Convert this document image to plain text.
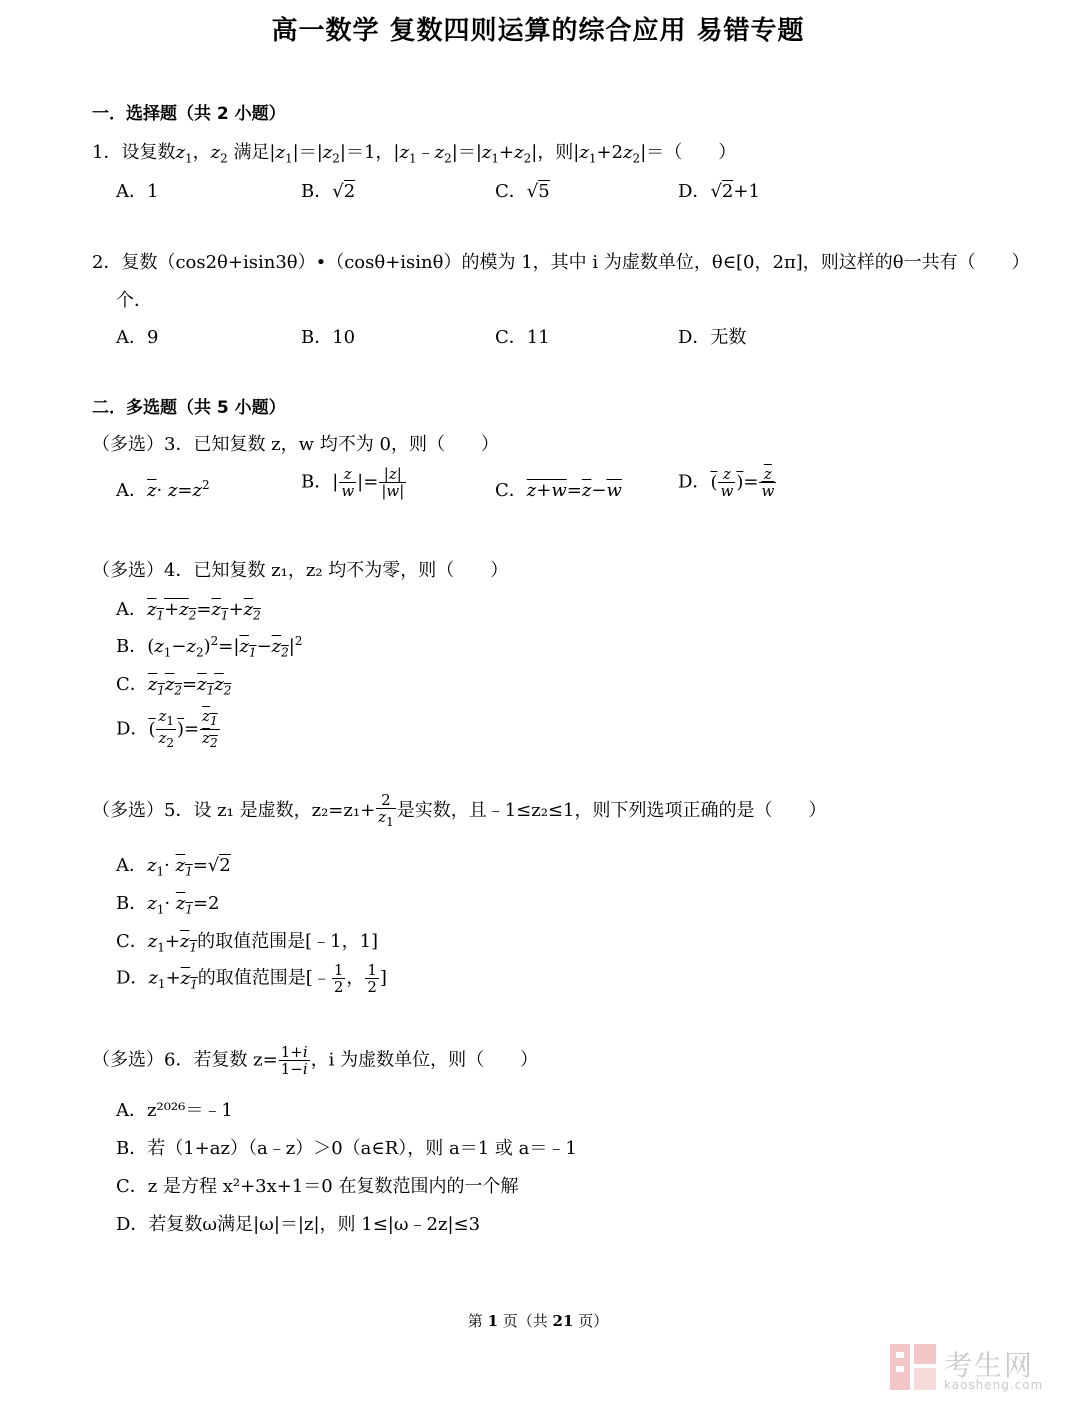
高一数学 复数四则运算的综合应用 易错专题
一．选择题（共 2 小题）
1．设复数$z_1$，$z_2$ 满足$|z_1|=|z_2|=1$，$|z_1﹣z_2|=|z_1+z_2|$，则$|z_1+2z_2|=$（　　）
A．1	B．√2	C．√5	D．√2+1
2．复数（cos2θ+isin3θ）•（cosθ+isinθ）的模为 1，其中 i 为虚数单位，θ∈[0，2π]，则这样的θ一共有（　　）
个．
A．9	B．10	C．11	D．无数
二．多选题（共 5 小题）
（多选）3．已知复数 z，w 均不为 0，则（　　）
A．$\overline{z}\cdot z=z^2$	B．| $\frac{z}{w}$ |= $\frac{|z|}{|w|}$	C．$z+w=\overline{z}-\overline{w}$	D．( $\frac{z}{w}$ )= $\frac{\overline{z}}{w}$
（多选）4．已知复数 z₁，z₂ 均不为零，则（　　）
A．$z_1+z_2=z_1+z_2$
B．$(z_1-z_2)^2=|z_1-z_2|^2$
C．$z_1z_2=z_1z_2$
D．( $\frac{z_1}{z_2}$ )= $\frac{z_1}{z_2}$
（多选）5．设 z₁ 是虚数，$z_2=z_1+ \frac{2}{z_1}$ 是实数，且﹣1≤z₂≤1，则下列选项正确的是（　　）
A．$z_1\cdot z_1=√2$
B．$z_1\cdot z_1=2$
C．$z_1+z_1$的取值范围是[﹣1，1]
D．$z_1+z_1$的取值范围是[﹣ $\frac{1}{2}$ ， $\frac{1}{2}$ ]
（多选）6．若复数 $z= \frac{1+i}{1-i}$ ，i 为虚数单位，则（　　）
A．z²⁰²⁶＝﹣1
B．若（1+az）（a﹣z）＞0（a∈R），则 a＝1 或 a＝﹣1
C．z 是方程 x²+3x+1＝0 在复数范围内的一个解
D．若复数ω满足|ω|＝|z|，则 1≤|ω﹣2z|≤3
第 1 页（共 21 页）
考生网
kaosheng.com
